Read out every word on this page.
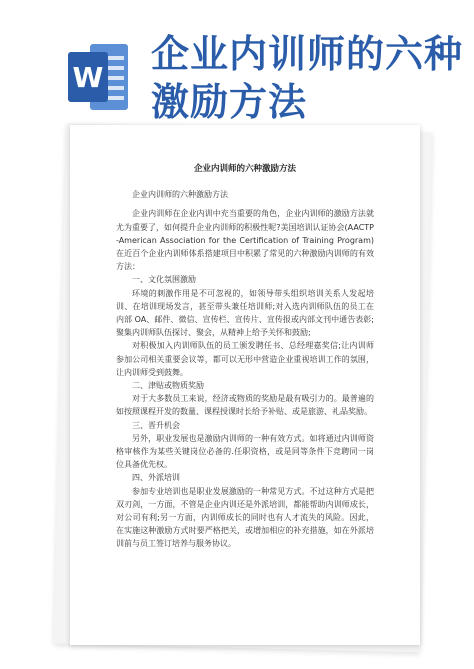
W
企业内训师的六种
激励方法

企业内训师的六种激励方法

企业内训师的六种激励方法

企业内训师在企业内训中充当重要的角色，企业内训师的激励方法就尤为重要了，如何提升企业内训师的积极性呢?美国培训认证协会(AACTP-American Association for the Certification of Training Program)在近百个企业内训师体系搭建项目中积累了常见的六种激励内训师的有效方法：

一、文化氛围激励

环境的刺激作用是不可忽视的，如领导带头组织培训关系人发起培训、在培训现场发言，甚至带头兼任培训师;对入选内训师队伍的员工在内部 OA、邮件、微信、宣传栏、宣传片、宣传报或内部文刊中通告表彰;聚集内训师队伍探讨、聚会，从精神上给予关怀和鼓励;

对积极加入内训师队伍的员工颁发聘任书、总经理嘉奖信;让内训师参加公司相关重要会议等，都可以无形中营造企业重视培训工作的氛围，让内训师受到鼓舞。

二、津贴或物质奖励

对于大多数员工来说，经济或物质的奖励是最有吸引力的。最普遍的如按照课程开发的数量、课程授课时长给予补贴、或是旅游、礼品奖励。

三、晋升机会

另外，职业发展也是激励内训师的一种有效方式。如将通过内训师资格审核作为某些关键岗位必备的.任职资格，或是同等条件下竞聘同一岗位具备优先权。

四、外派培训

参加专业培训也是职业发展激励的一种常见方式。不过这种方式是把双刃剑，一方面，不管是企业内训还是外派培训，都能帮助内训师成长，对公司有利;另一方面，内训师成长的同时也有人才流失的风险。因此，在实施这种激励方式时要严格把关，或增加相应的补充措施，如在外派培训前与员工签订培养与服务协议。
